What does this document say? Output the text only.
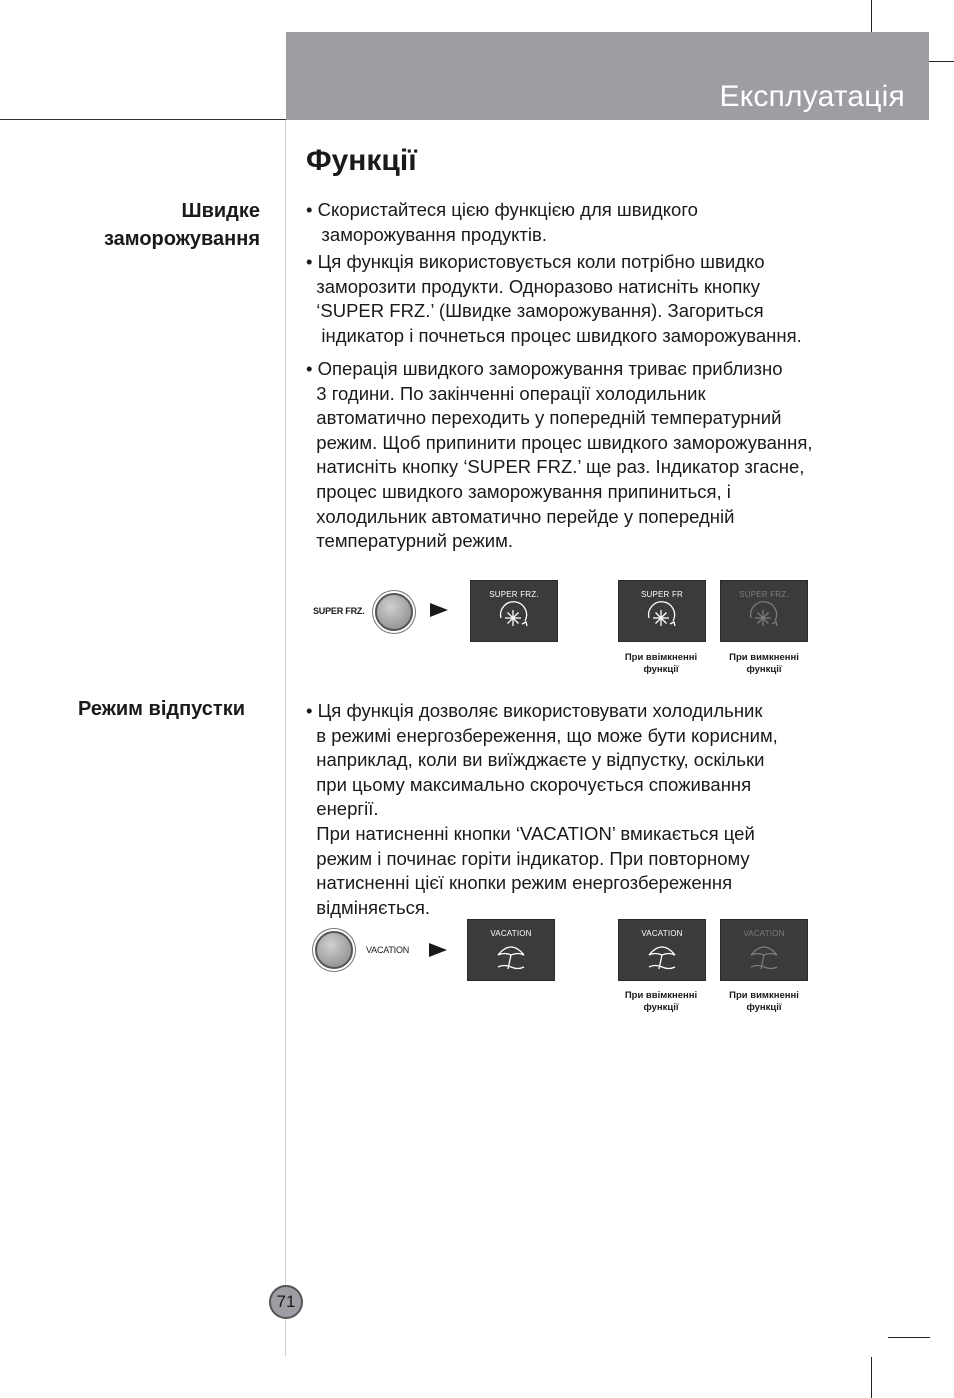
Експлуатація
Функції
Швидке
заморожування
• Скористайтеся цією функцією для швидкого
заморожування продуктів.
• Ця функція використовується коли потрібно швидко
заморозити продукти. Одноразово натисніть кнопку
‘SUPER FRZ.’ (Швидке заморожування). Загориться
індикатор і почнеться процес швидкого заморожування.
• Операція швидкого заморожування триває приблизно
3 години. По закінченні операції холодильник
автоматично переходить у попередній температурний
режим. Щоб припинити процес швидкого заморожування,
натисніть кнопку ‘SUPER FRZ.’ ще раз. Індикатор згасне,
процес швидкого заморожування припиниться, і
холодильник автоматично перейде у попередній
температурний режим.
SUPER FRZ.
SUPER FRZ.	SUPER FR	SUPER FRZ.
При ввімкненні
функції
При вимкненні
функції
Режим відпустки	• Ця функція дозволяє використовувати холодильник
в режимі енергозбереження, що може бути корисним,
наприклад, коли ви виїжджаєте у відпустку, оскільки
при цьому максимально скорочується споживання
енергії.
При натисненні кнопки ‘VACATION’ вмикається цей
режим і починає горіти індикатор. При повторному
натисненні цієї кнопки режим енергозбереження
відміняється.
VACATION
VACATION	VACATION	VACATION
При ввімкненні
функції
При вимкненні
функції
71
